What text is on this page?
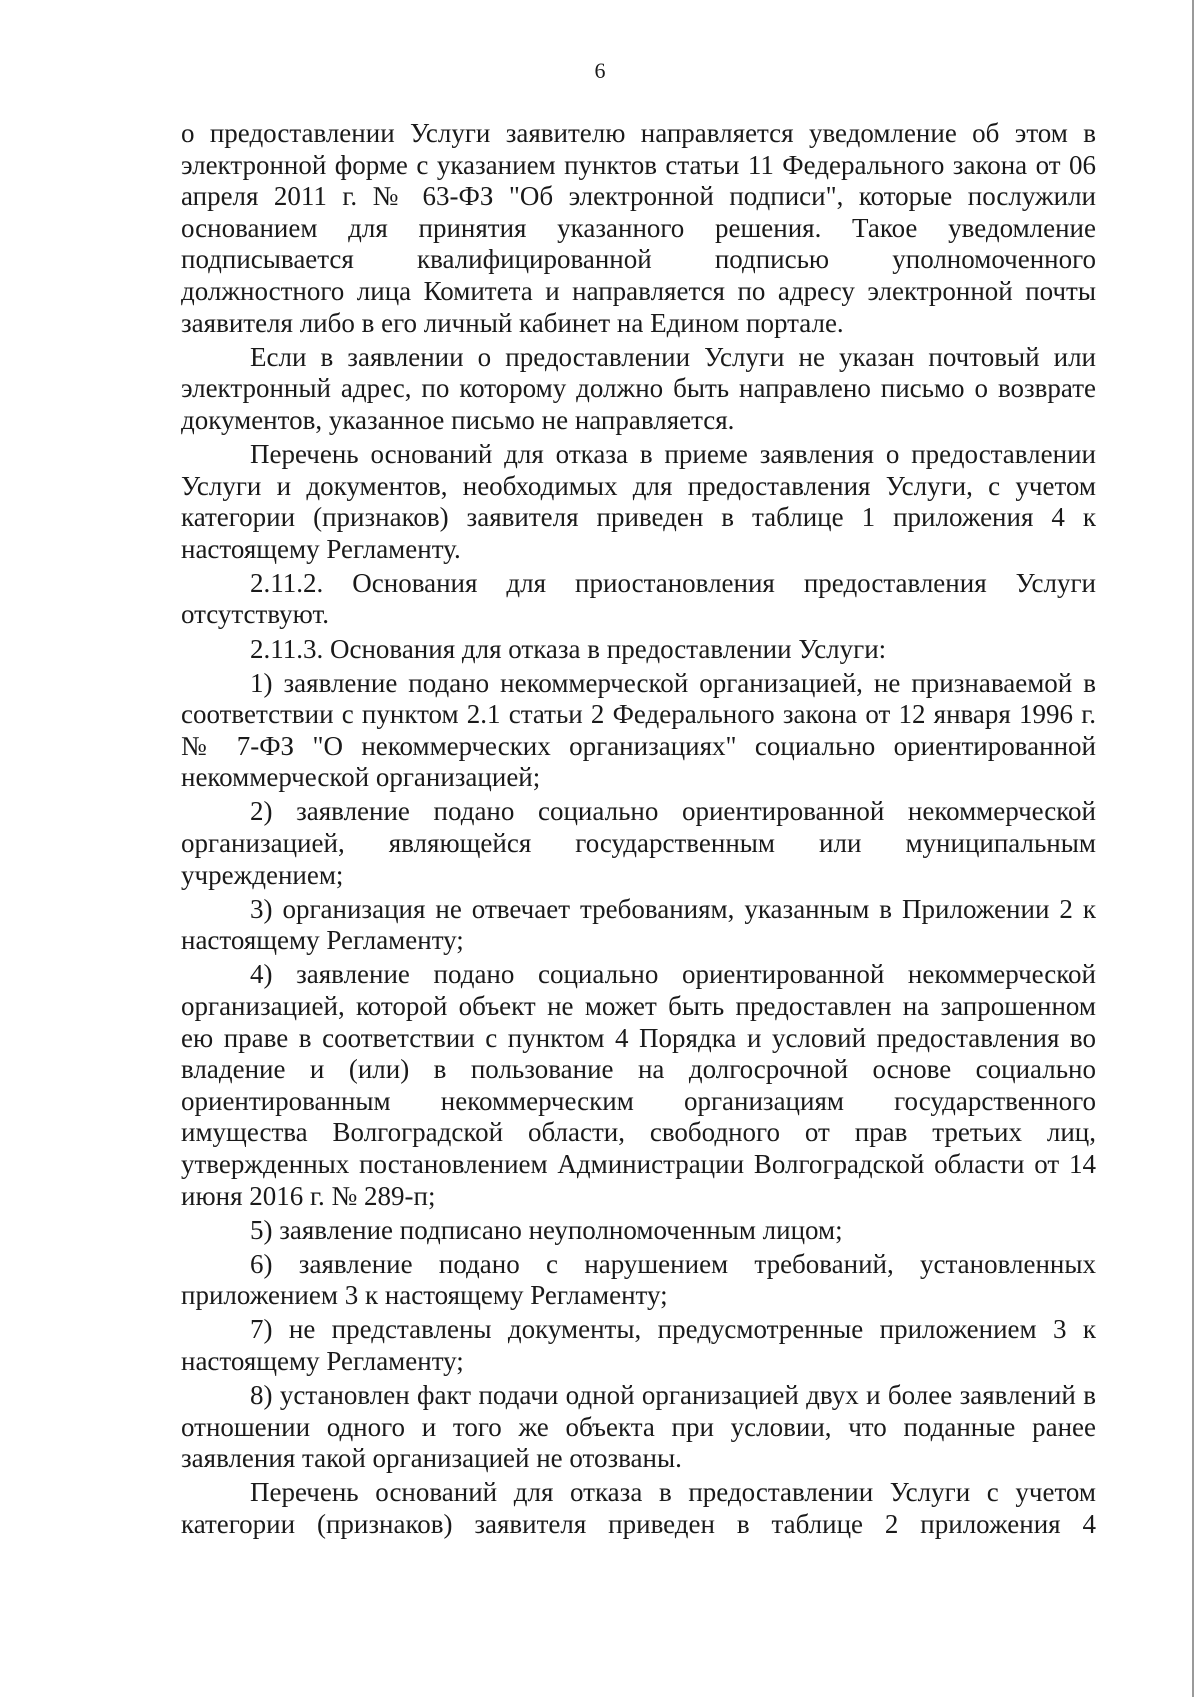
6

о предоставлении Услуги заявителю направляется уведомление об этом в электронной форме с указанием пунктов статьи 11 Федерального закона от 06 апреля 2011 г. № 63-ФЗ "Об электронной подписи", которые послужили основанием для принятия указанного решения. Такое уведомление подписывается квалифицированной подписью уполномоченного должностного лица Комитета и направляется по адресу электронной почты заявителя либо в его личный кабинет на Едином портале.

Если в заявлении о предоставлении Услуги не указан почтовый или электронный адрес, по которому должно быть направлено письмо о возврате документов, указанное письмо не направляется.

Перечень оснований для отказа в приеме заявления о предоставлении Услуги и документов, необходимых для предоставления Услуги, с учетом категории (признаков) заявителя приведен в таблице 1 приложения 4 к настоящему Регламенту.

2.11.2. Основания для приостановления предоставления Услуги отсутствуют.

2.11.3. Основания для отказа в предоставлении Услуги:

1) заявление подано некоммерческой организацией, не признаваемой в соответствии с пунктом 2.1 статьи 2 Федерального закона от 12 января 1996 г. № 7-ФЗ "О некоммерческих организациях" социально ориентированной некоммерческой организацией;

2) заявление подано социально ориентированной некоммерческой организацией, являющейся государственным или муниципальным учреждением;

3) организация не отвечает требованиям, указанным в Приложении 2 к настоящему Регламенту;

4) заявление подано социально ориентированной некоммерческой организацией, которой объект не может быть предоставлен на запрошенном ею праве в соответствии с пунктом 4 Порядка и условий предоставления во владение и (или) в пользование на долгосрочной основе социально ориентированным некоммерческим организациям государственного имущества Волгоградской области, свободного от прав третьих лиц, утвержденных постановлением Администрации Волгоградской области от 14 июня 2016 г. № 289-п;

5) заявление подписано неуполномоченным лицом;

6) заявление подано с нарушением требований, установленных приложением 3 к настоящему Регламенту;

7) не представлены документы, предусмотренные приложением 3 к настоящему Регламенту;

8) установлен факт подачи одной организацией двух и более заявлений в отношении одного и того же объекта при условии, что поданные ранее заявления такой организацией не отозваны.

Перечень оснований для отказа в предоставлении Услуги с учетом категории (признаков) заявителя приведен в таблице 2 приложения 4
